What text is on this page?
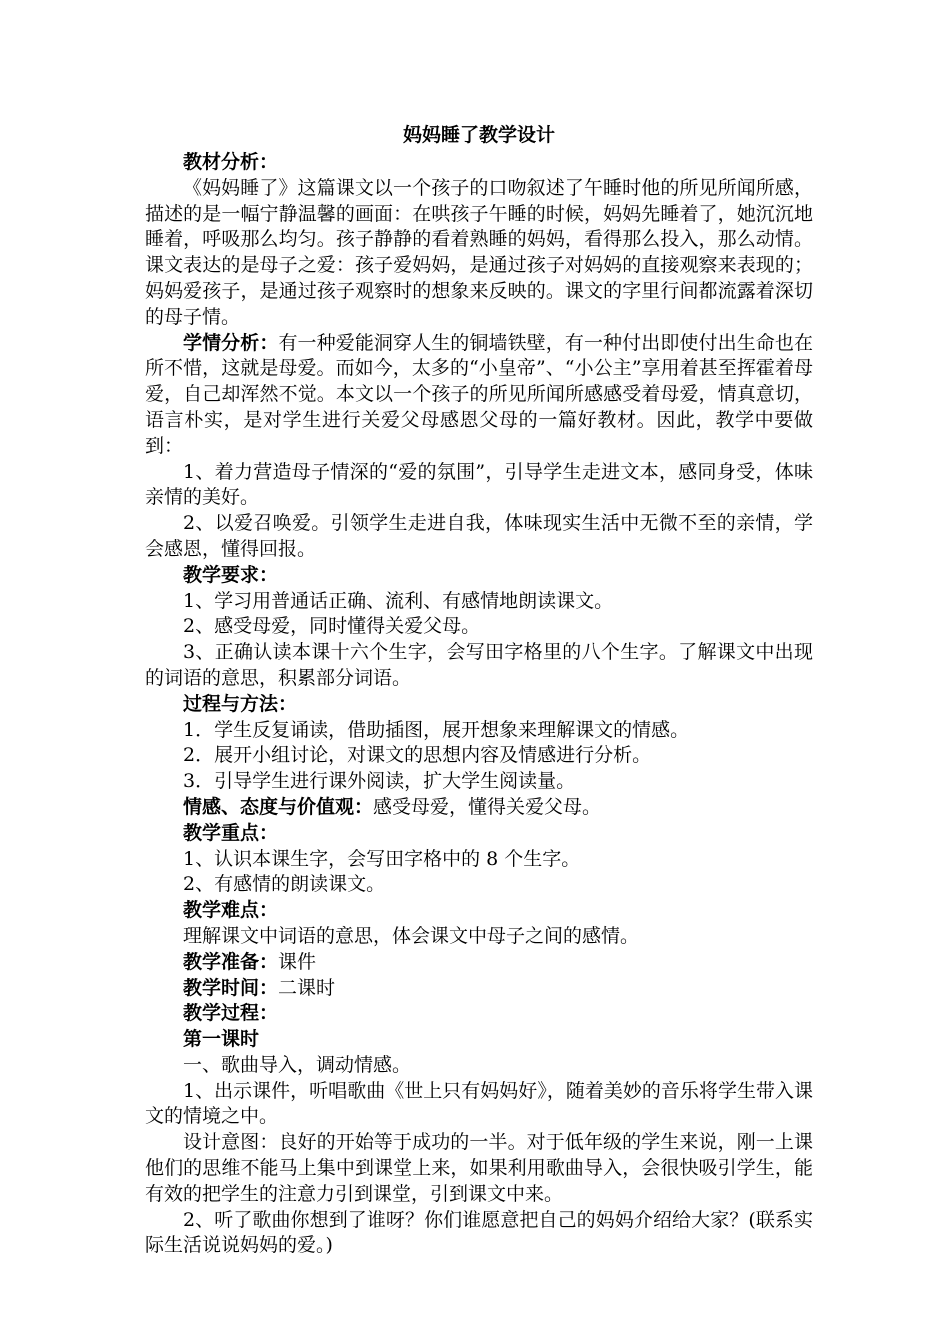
妈妈睡了教学设计

教材分析：

《妈妈睡了》这篇课文以一个孩子的口吻叙述了午睡时他的所见所闻所感，描述的是一幅宁静温馨的画面：在哄孩子午睡的时候，妈妈先睡着了，她沉沉地睡着，呼吸那么均匀。孩子静静的看着熟睡的妈妈，看得那么投入，那么动情。课文表达的是母子之爱：孩子爱妈妈，是通过孩子对妈妈的直接观察来表现的；妈妈爱孩子，是通过孩子观察时的想象来反映的。课文的字里行间都流露着深切的母子情。

学情分析：有一种爱能洞穿人生的铜墙铁壁，有一种付出即使付出生命也在所不惜，这就是母爱。而如今，太多的“小皇帝”、“小公主”享用着甚至挥霍着母爱，自己却浑然不觉。本文以一个孩子的所见所闻所感感受着母爱，情真意切，语言朴实，是对学生进行关爱父母感恩父母的一篇好教材。因此，教学中要做到：

1、着力营造母子情深的“爱的氛围”，引导学生走进文本，感同身受，体味亲情的美好。

2、以爱召唤爱。引领学生走进自我，体味现实生活中无微不至的亲情，学会感恩，懂得回报。

教学要求：

1、学习用普通话正确、流利、有感情地朗读课文。

2、感受母爱，同时懂得关爱父母。

3、正确认读本课十六个生字，会写田字格里的八个生字。了解课文中出现的词语的意思，积累部分词语。

过程与方法：

1．学生反复诵读，借助插图，展开想象来理解课文的情感。

2．展开小组讨论，对课文的思想内容及情感进行分析。

3．引导学生进行课外阅读，扩大学生阅读量。

情感、态度与价值观：感受母爱，懂得关爱父母。

教学重点：

1、认识本课生字，会写田字格中的 8 个生字。

2、有感情的朗读课文。

教学难点：

理解课文中词语的意思，体会课文中母子之间的感情。

教学准备：课件

教学时间：二课时

教学过程：

第一课时

一、歌曲导入，调动情感。

1、出示课件，听唱歌曲《世上只有妈妈好》，随着美妙的音乐将学生带入课文的情境之中。

设计意图：良好的开始等于成功的一半。对于低年级的学生来说，刚一上课他们的思维不能马上集中到课堂上来，如果利用歌曲导入，会很快吸引学生，能有效的把学生的注意力引到课堂，引到课文中来。

2、听了歌曲你想到了谁呀？你们谁愿意把自己的妈妈介绍给大家？(联系实际生活说说妈妈的爱。)
